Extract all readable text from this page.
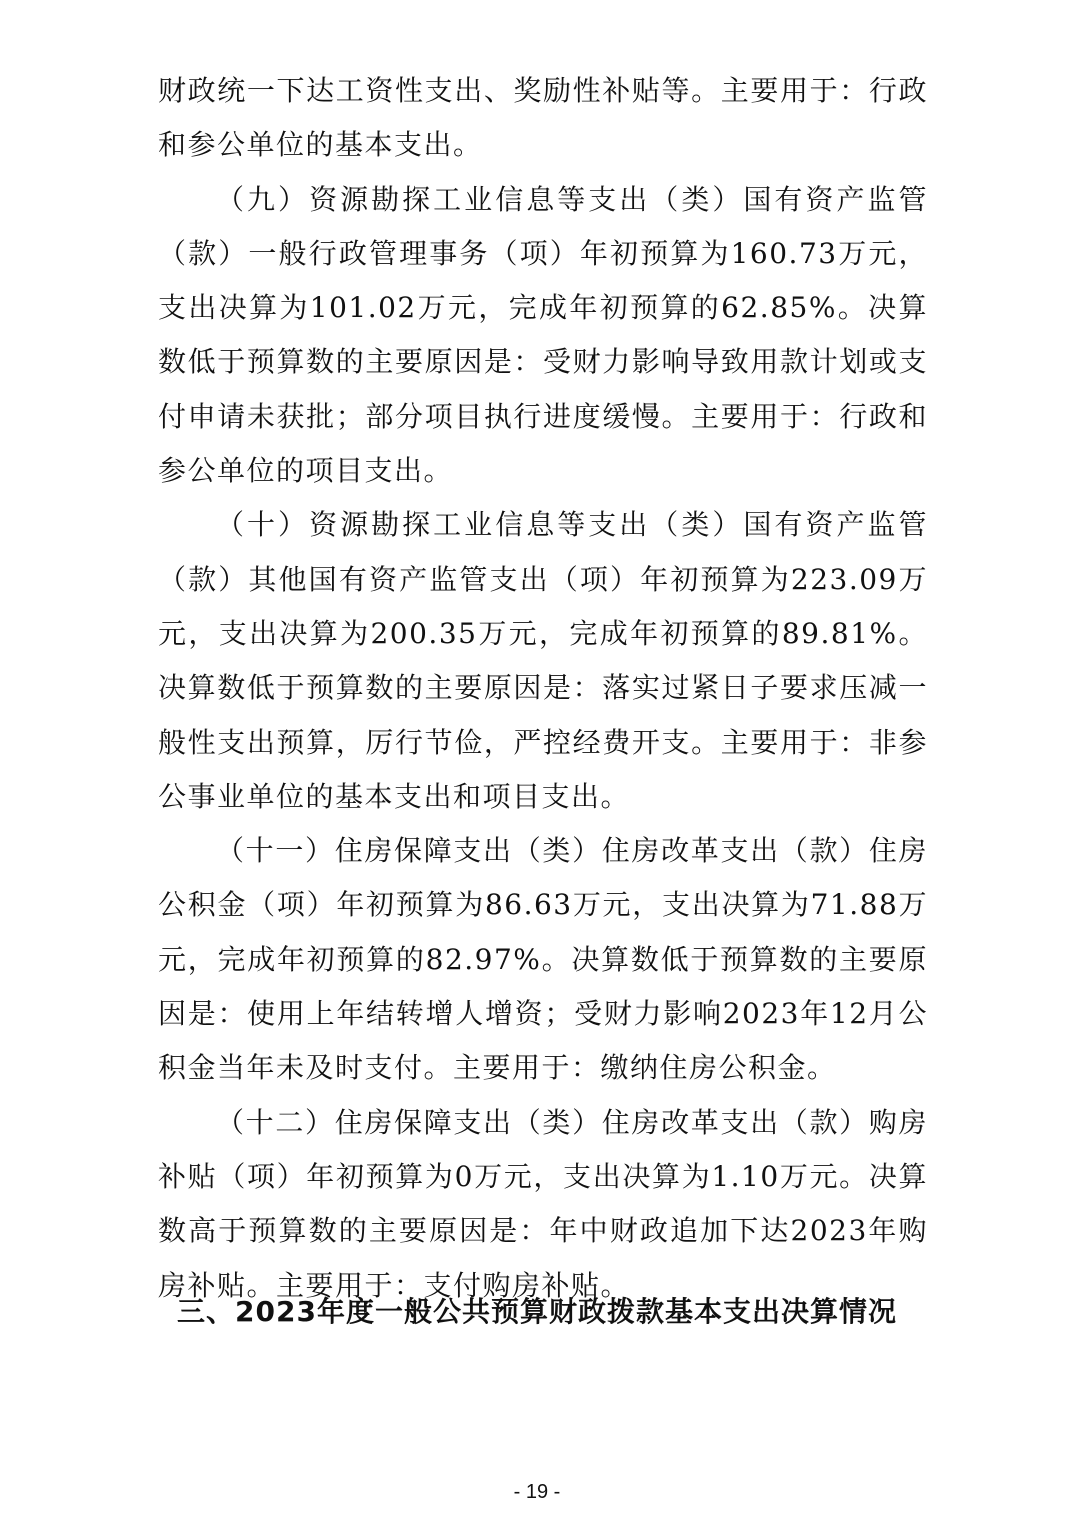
财政统一下达工资性支出、奖励性补贴等。主要用于：行政和参公单位的基本支出。

（九）资源勘探工业信息等支出（类）国有资产监管（款）一般行政管理事务（项）年初预算为160.73万元，支出决算为101.02万元，完成年初预算的62.85%。决算数低于预算数的主要原因是：受财力影响导致用款计划或支付申请未获批；部分项目执行进度缓慢。主要用于：行政和参公单位的项目支出。

（十）资源勘探工业信息等支出（类）国有资产监管（款）其他国有资产监管支出（项）年初预算为223.09万元，支出决算为200.35万元，完成年初预算的89.81%。决算数低于预算数的主要原因是：落实过紧日子要求压减一般性支出预算，厉行节俭，严控经费开支。主要用于：非参公事业单位的基本支出和项目支出。

（十一）住房保障支出（类）住房改革支出（款）住房公积金（项）年初预算为86.63万元，支出决算为71.88万元，完成年初预算的82.97%。决算数低于预算数的主要原因是：使用上年结转增人增资；受财力影响2023年12月公积金当年未及时支付。主要用于：缴纳住房公积金。

（十二）住房保障支出（类）住房改革支出（款）购房补贴（项）年初预算为0万元，支出决算为1.10万元。决算数高于预算数的主要原因是：年中财政追加下达2023年购房补贴。主要用于：支付购房补贴。

三、2023年度一般公共预算财政拨款基本支出决算情况
- 19 -
